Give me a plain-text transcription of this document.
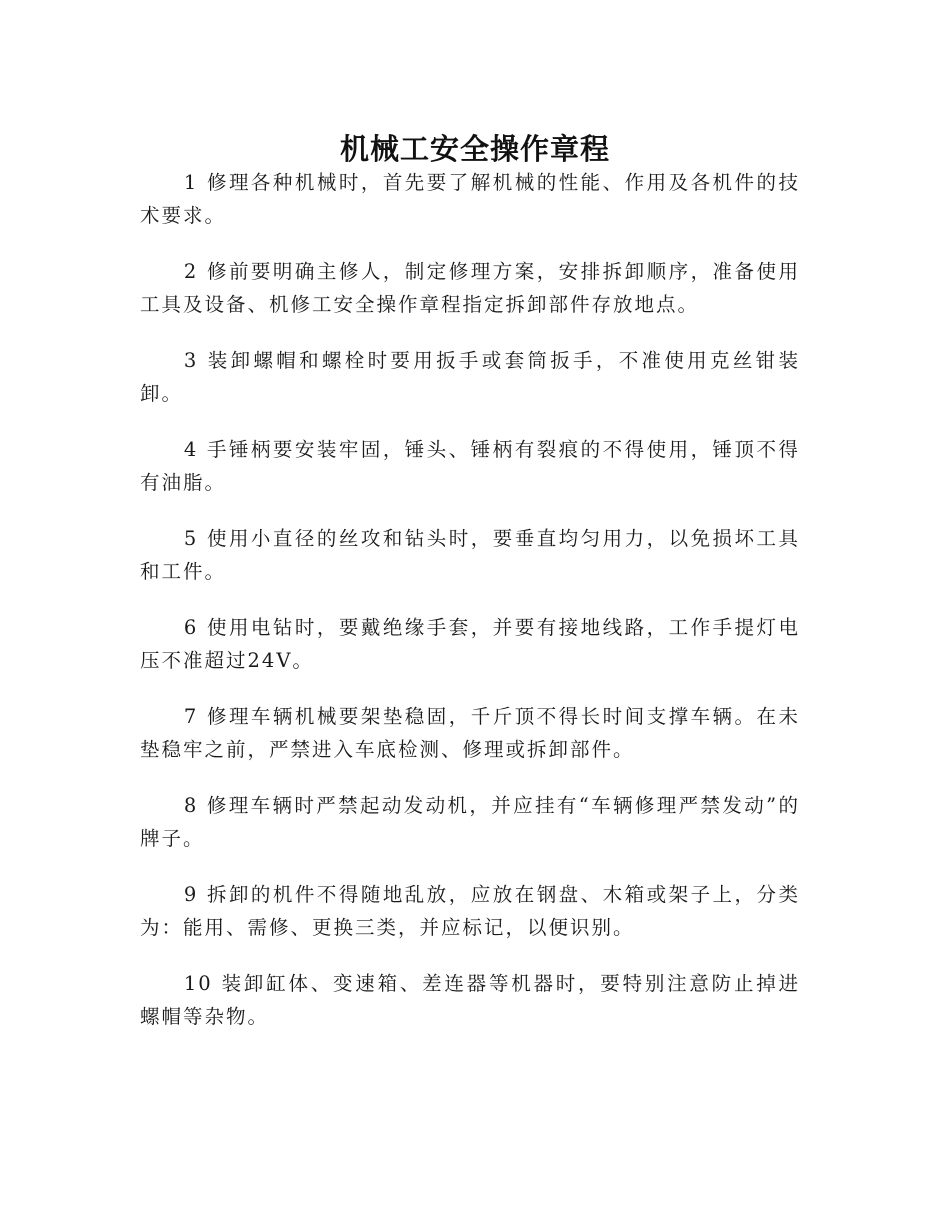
机械工安全操作章程

1 修理各种机械时，首先要了解机械的性能、作用及各机件的技术要求。

2 修前要明确主修人，制定修理方案，安排拆卸顺序，准备使用工具及设备、机修工安全操作章程指定拆卸部件存放地点。

3 装卸螺帽和螺栓时要用扳手或套筒扳手，不准使用克丝钳装卸。

4 手锤柄要安装牢固，锤头、锤柄有裂痕的不得使用，锤顶不得有油脂。

5 使用小直径的丝攻和钻头时，要垂直均匀用力，以免损坏工具和工件。

6 使用电钻时，要戴绝缘手套，并要有接地线路，工作手提灯电压不准超过24V。

7 修理车辆机械要架垫稳固，千斤顶不得长时间支撑车辆。在未垫稳牢之前，严禁进入车底检测、修理或拆卸部件。

8 修理车辆时严禁起动发动机，并应挂有“车辆修理严禁发动”的牌子。

9 拆卸的机件不得随地乱放，应放在钢盘、木箱或架子上，分类为：能用、需修、更换三类，并应标记，以便识别。

10 装卸缸体、变速箱、差连器等机器时，要特别注意防止掉进螺帽等杂物。
